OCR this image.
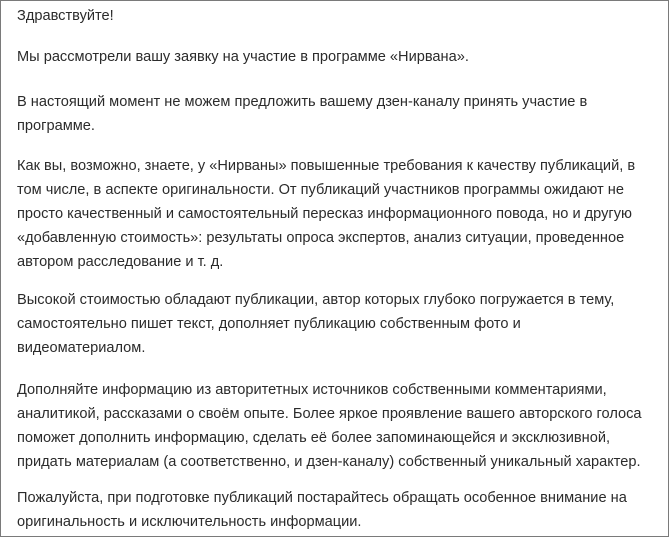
Здравствуйте!

Мы рассмотрели вашу заявку на участие в программе «Нирвана».

В настоящий момент не можем предложить вашему дзен-каналу принять участие в программе.

Как вы, возможно, знаете, у «Нирваны» повышенные требования к качеству публикаций, в том числе, в аспекте оригинальности. От публикаций участников программы ожидают не просто качественный и самостоятельный пересказ информационного повода, но и другую «добавленную стоимость»: результаты опроса экспертов, анализ ситуации, проведенное автором расследование и т. д.

Высокой стоимостью обладают публикации, автор которых глубоко погружается в тему, самостоятельно пишет текст, дополняет публикацию собственным фото и видеоматериалом.

Дополняйте информацию из авторитетных источников собственными комментариями, аналитикой, рассказами о своём опыте. Более яркое проявление вашего авторского голоса поможет дополнить информацию, сделать её более запоминающейся и эксклюзивной, придать материалам (а соответственно, и дзен-каналу) собственный уникальный характер.

Пожалуйста, при подготовке публикаций постарайтесь обращать особенное внимание на оригинальность и исключительность информации.
